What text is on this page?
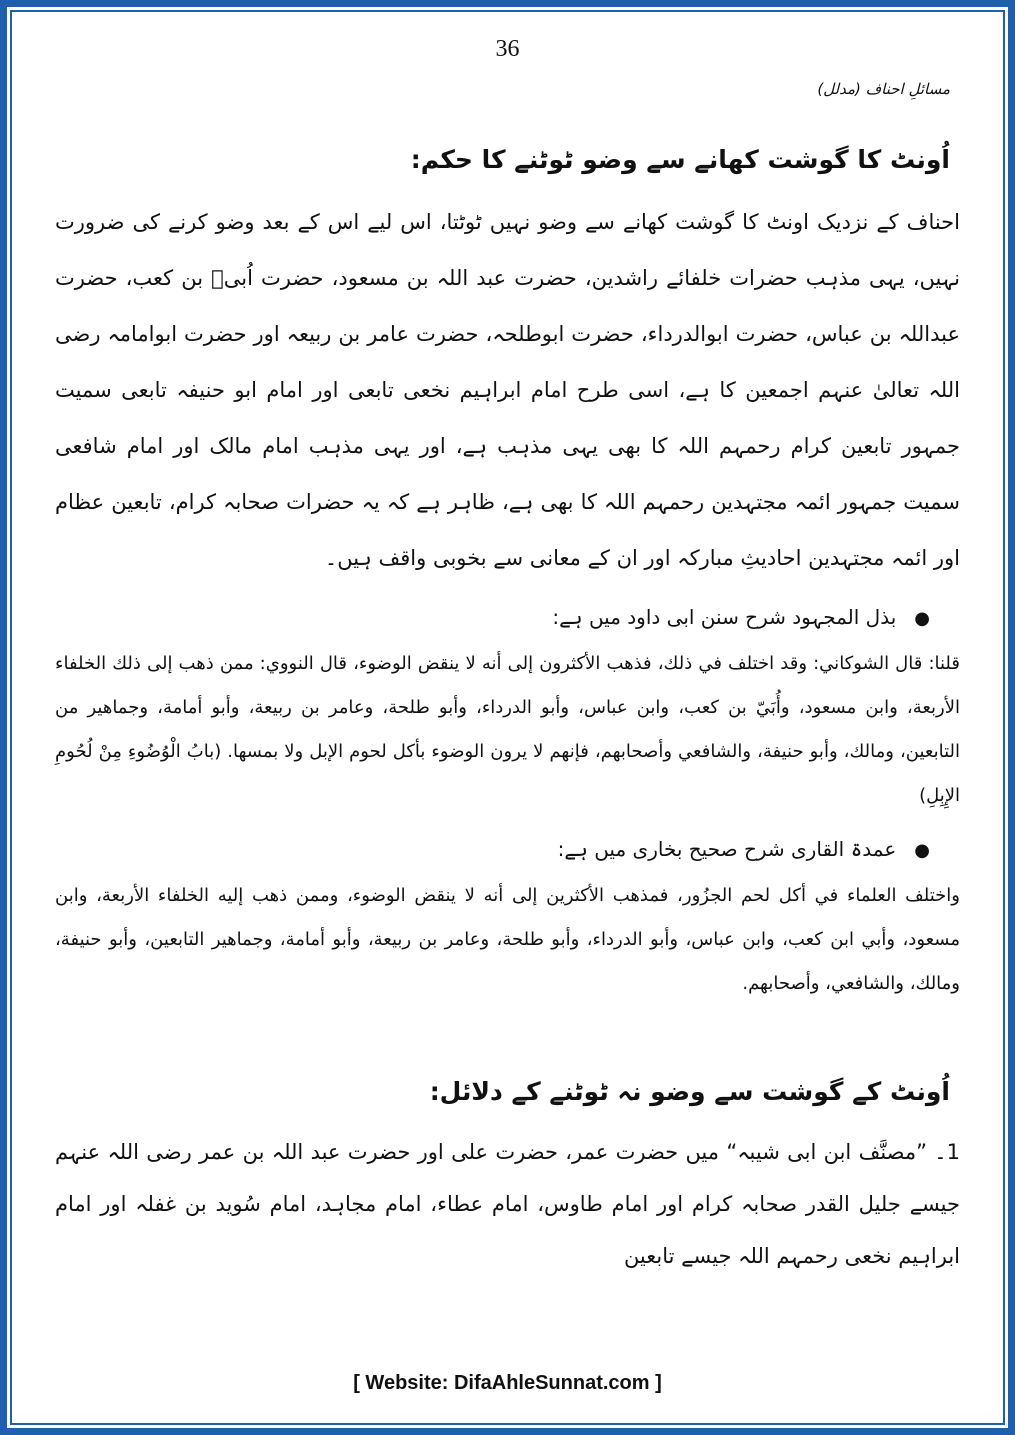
36
مسائلِ احناف (مدلل)
اُونٹ کا گوشت کھانے سے وضو ٹوٹنے کا حکم:

احناف کے نزدیک اونٹ کا گوشت کھانے سے وضو نہیں ٹوٹتا، اس لیے اس کے بعد وضو کرنے کی ضرورت نہیں، یہی مذہب حضرات خلفائے راشدین، حضرت عبد اللہ بن مسعود، حضرت اُبیؓ بن کعب، حضرت عبداللہ بن عباس، حضرت ابوالدرداء، حضرت ابوطلحہ، حضرت عامر بن ربیعہ اور حضرت ابوامامہ رضی اللہ تعالیٰ عنہم اجمعین کا ہے، اسی طرح امام ابراہیم نخعی تابعی اور امام ابو حنیفہ تابعی سمیت جمہور تابعین کرام رحمہم اللہ کا بھی یہی مذہب ہے، اور یہی مذہب امام مالک اور امام شافعی سمیت جمہور ائمہ مجتہدین رحمہم اللہ کا بھی ہے، ظاہر ہے کہ یہ حضرات صحابہ کرام، تابعین عظام اور ائمہ مجتہدین احادیثِ مبارکہ اور ان کے معانی سے بخوبی واقف ہیں۔

●بذل المجہود شرح سنن ابی داود میں ہے:

قلنا: قال الشوكاني: وقد اختلف في ذلك، فذهب الأكثرون إلى أنه لا ينقض الوضوء، قال النووي: ممن ذهب إلى ذلك الخلفاء الأربعة، وابن مسعود، وأُبَيّ بن كعب، وابن عباس، وأبو الدرداء، وأبو طلحة، وعامر بن ربيعة، وأبو أمامة، وجماهير من التابعين، ومالك، وأبو حنيفة، والشافعي وأصحابهم، فإنهم لا يرون الوضوء بأكل لحوم الإبل ولا بمسها. (بابُ الْوُضُوءِ مِنْ لُحُومِ الإِبِلِ)

●عمدۃ القاری شرح صحیح بخاری میں ہے:

واختلف العلماء في أكل لحم الجزُور، فمذهب الأكثرين إلى أنه لا ينقض الوضوء، وممن ذهب إليه الخلفاء الأربعة، وابن مسعود، وأبي ابن كعب، وابن عباس، وأبو الدرداء، وأبو طلحة، وعامر بن ربيعة، وأبو أمامة، وجماهير التابعين، وأبو حنيفة، ومالك، والشافعي، وأصحابهم.

اُونٹ کے گوشت سے وضو نہ ٹوٹنے کے دلائل:

1۔ ”مصنَّف ابن ابی شیبہ“ میں حضرت عمر، حضرت علی اور حضرت عبد اللہ بن عمر رضی اللہ عنہم جیسے جلیل القدر صحابہ کرام اور امام طاوس، امام عطاء، امام مجاہد، امام سُوید بن غفلہ اور امام ابراہیم نخعی رحمہم اللہ جیسے تابعین

[ Website: DifaAhleSunnat.com ]
